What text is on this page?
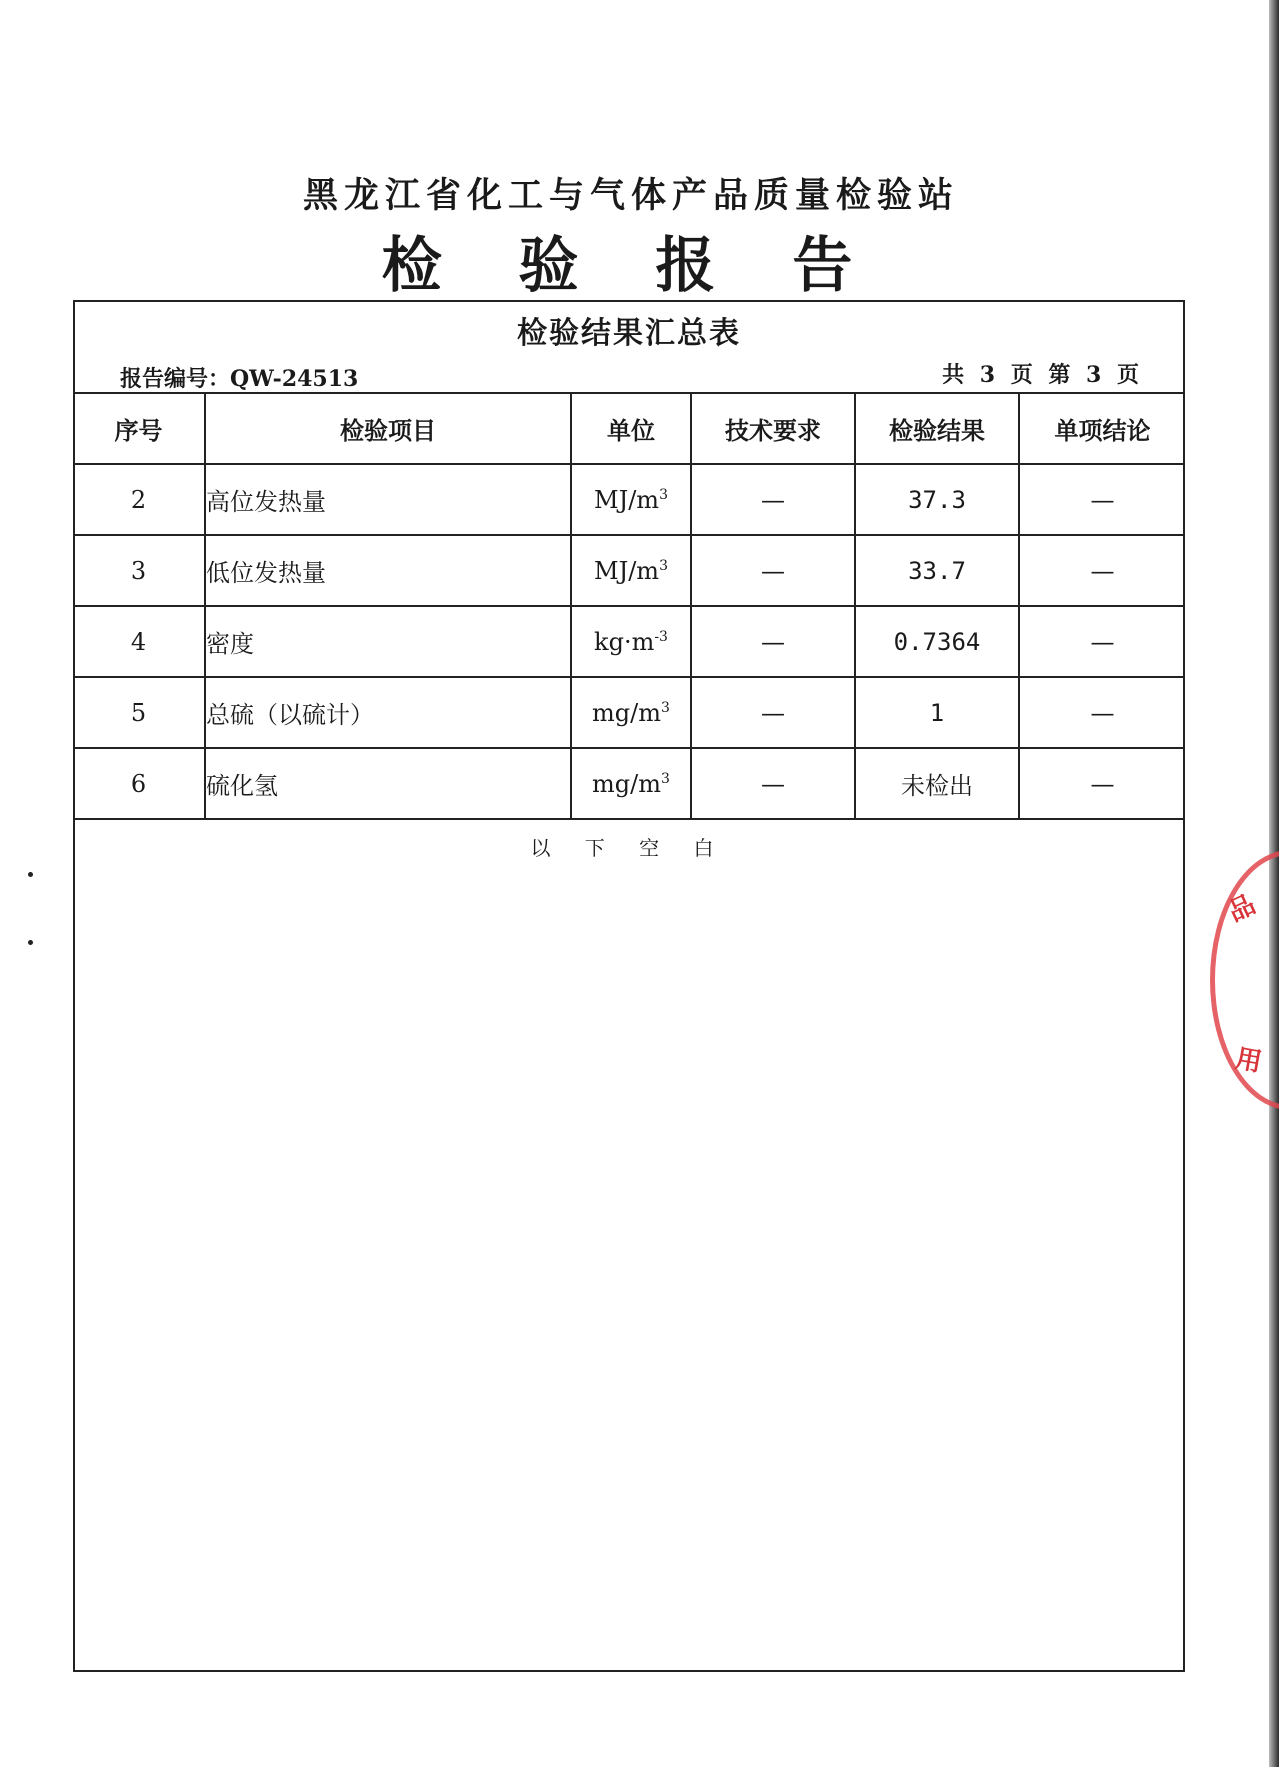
黑龙江省化工与气体产品质量检验站
检 验 报 告
检验结果汇总表
报告编号：QW-24513	共 3 页 第 3 页
序号	检验项目	单位	技术要求	检验结果	单项结论
2	高位发热量	$MJ/m^3$	—	37.3	—
3	低位发热量	$MJ/m^3$	—	33.7	—
4	密度	$kg\cdot m^{-3}$	—	0.7364	—
5	总硫（以硫计）	$mg/m^3$	—	1	—
6	硫化氢	$mg/m^3$	—	未检出	—
以 下 空 白
品
用
